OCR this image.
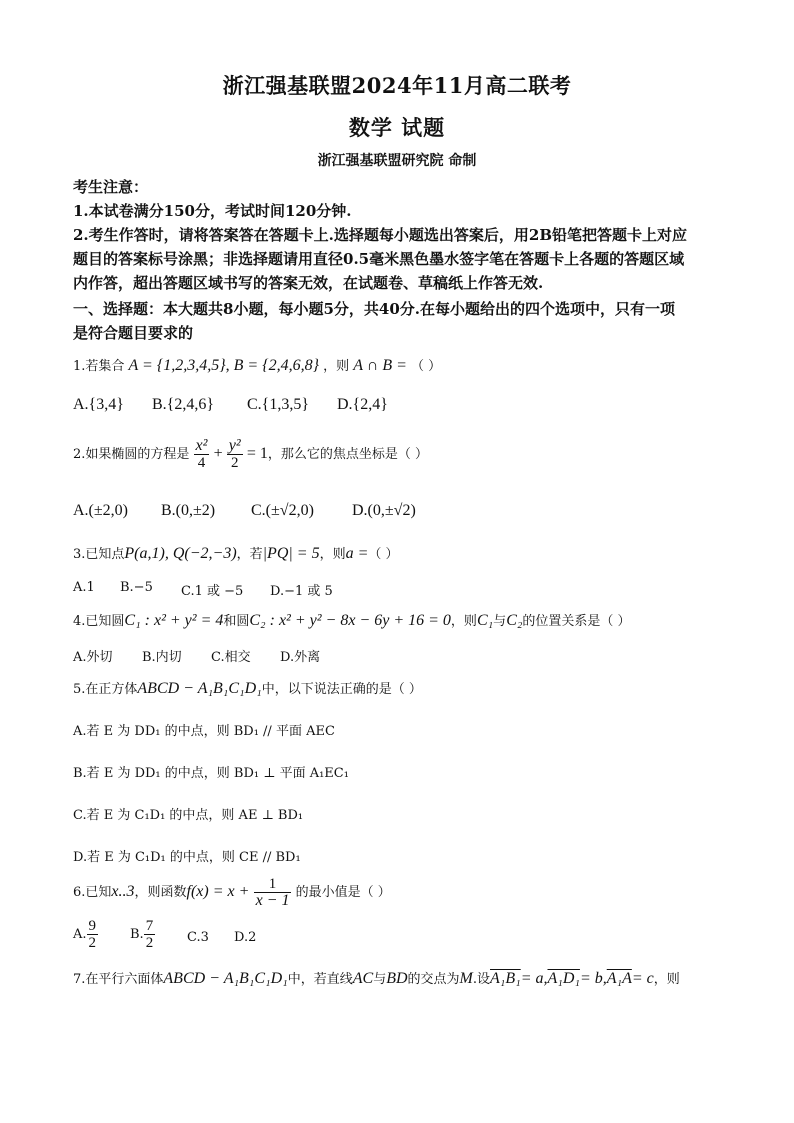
浙江强基联盟2024年11月高二联考
数学 试题
浙江强基联盟研究院 命制
考生注意：
1.本试卷满分150分，考试时间120分钟.
2.考生作答时，请将答案答在答题卡上.选择题每小题选出答案后，用2B铅笔把答题卡上对应
题目的答案标号涂黑；非选择题请用直径0.5毫米黑色墨水签字笔在答题卡上各题的答题区域
内作答，超出答题区域书写的答案无效，在试题卷、草稿纸上作答无效.
一、选择题：本大题共8小题，每小题5分，共40分.在每小题给出的四个选项中，只有一项
是符合题目要求的
1.若集合 A = {1,2,3,4,5}, B = {2,4,6,8} ，则 A ∩ B = （ ）
A.{3,4} B.{2,4,6} C.{1,3,5} D.{2,4}
2.如果椭圆的方程是 $\frac{\text{x²}}{4} + \frac{\text{y²}}{2} = 1$，那么它的焦点坐标是（ ）
A.(±2,0) B.(0,±2) C.(±√2,0) D.(0,±√2)
3.已知点P(a,1), Q(−2,−3)，若|PQ| = 5，则a =（ ）
A.1 B.−5 C.1 或 −5 D.−1 或 5
4.已知圆C₁ : x² + y² = 4和圆C₂ : x² + y² − 8x − 6y + 16 = 0，则C₁与C₂的位置关系是（ ）
A.外切 B.内切 C.相交 D.外离
5.在正方体ABCD − A₁B₁C₁D₁中，以下说法正确的是（ ）
A.若 E 为 DD₁ 的中点，则 BD₁ // 平面 AEC
B.若 E 为 DD₁ 的中点，则 BD₁ ⊥ 平面 A₁EC₁
C.若 E 为 C₁D₁ 的中点，则 AE ⊥ BD₁
D.若 E 为 C₁D₁ 的中点，则 CE // BD₁
6.已知x..3，则函数$f(x) = x + \frac{1}{x - 1}$ 的最小值是（ ）
A. $\frac{9}{2} B$. $\frac{7}{2} C.3$ D.2
7.在平行六面体ABCD − A₁B₁C₁D₁中，若直线AC与BD的交点为M.设A₁B₁= a,A₁D₁= b,A₁A= c，则
